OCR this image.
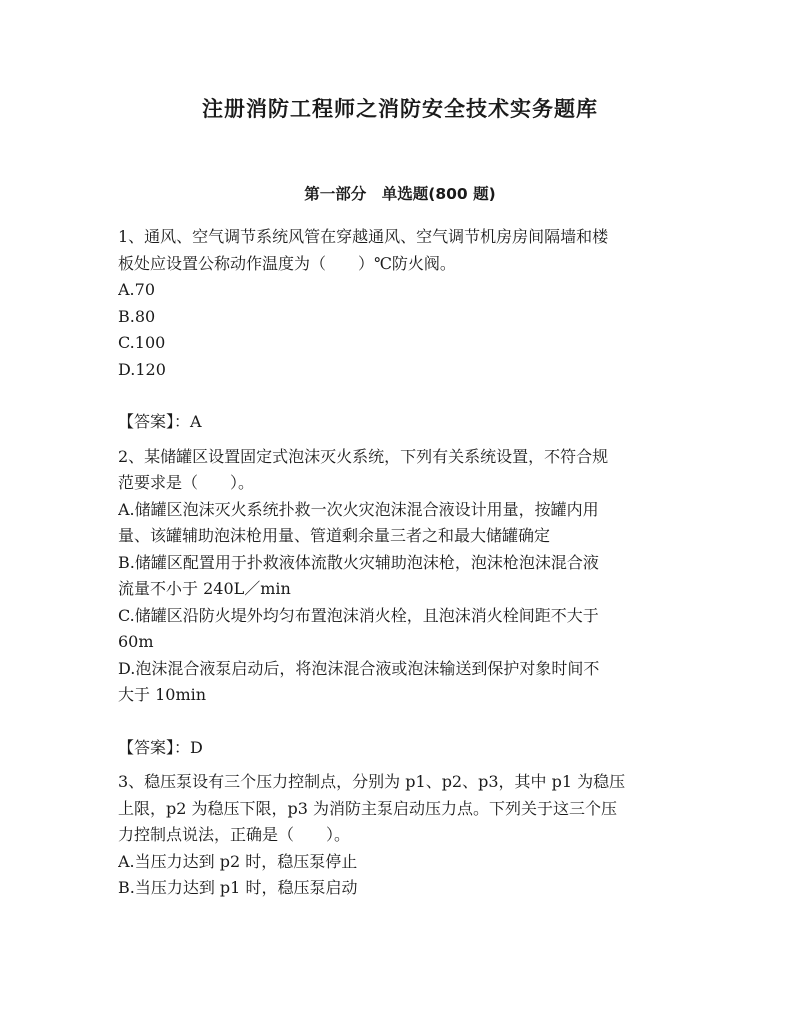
注册消防工程师之消防安全技术实务题库
第一部分　单选题(800 题)
1、通风、空气调节系统风管在穿越通风、空气调节机房房间隔墙和楼
板处应设置公称动作温度为（　　）℃防火阀。
A.70
B.80
C.100
D.120
【答案】：A
2、某储罐区设置固定式泡沫灭火系统，下列有关系统设置，不符合规
范要求是（　　）。
A.储罐区泡沫灭火系统扑救一次火灾泡沫混合液设计用量，按罐内用
量、该罐辅助泡沫枪用量、管道剩余量三者之和最大储罐确定
B.储罐区配置用于扑救液体流散火灾辅助泡沫枪，泡沫枪泡沫混合液
流量不小于 240L／min
C.储罐区沿防火堤外均匀布置泡沫消火栓，且泡沫消火栓间距不大于
60m
D.泡沫混合液泵启动后，将泡沫混合液或泡沫输送到保护对象时间不
大于 10min
【答案】：D
3、稳压泵设有三个压力控制点，分别为 p1、p2、p3，其中 p1 为稳压
上限，p2 为稳压下限，p3 为消防主泵启动压力点。下列关于这三个压
力控制点说法，正确是（　　）。
A.当压力达到 p2 时，稳压泵停止
B.当压力达到 p1 时，稳压泵启动
